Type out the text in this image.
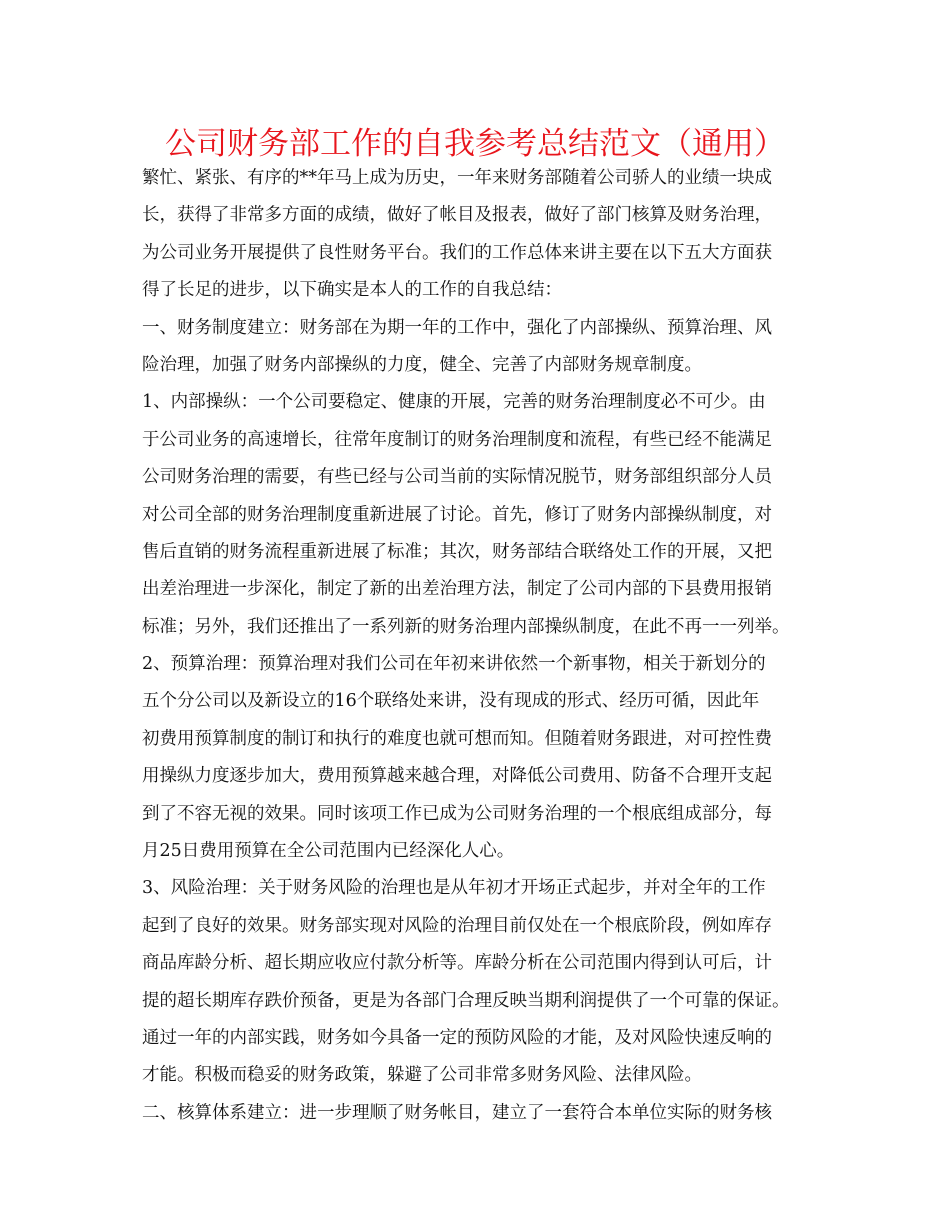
公司财务部工作的自我参考总结范文（通用）
繁忙、紧张、有序的**年马上成为历史，一年来财务部随着公司骄人的业绩一块成
长，获得了非常多方面的成绩，做好了帐目及报表，做好了部门核算及财务治理，
为公司业务开展提供了良性财务平台。我们的工作总体来讲主要在以下五大方面获
得了长足的进步，以下确实是本人的工作的自我总结：
一、财务制度建立：财务部在为期一年的工作中，强化了内部操纵、预算治理、风
险治理，加强了财务内部操纵的力度，健全、完善了内部财务规章制度。
1、内部操纵：一个公司要稳定、健康的开展，完善的财务治理制度必不可少。由
于公司业务的高速增长，往常年度制订的财务治理制度和流程，有些已经不能满足
公司财务治理的需要，有些已经与公司当前的实际情况脱节，财务部组织部分人员
对公司全部的财务治理制度重新进展了讨论。首先，修订了财务内部操纵制度，对
售后直销的财务流程重新进展了标准；其次，财务部结合联络处工作的开展，又把
出差治理进一步深化，制定了新的出差治理方法，制定了公司内部的下县费用报销
标准；另外，我们还推出了一系列新的财务治理内部操纵制度，在此不再一一列举。
2、预算治理：预算治理对我们公司在年初来讲依然一个新事物，相关于新划分的
五个分公司以及新设立的16个联络处来讲，没有现成的形式、经历可循，因此年
初费用预算制度的制订和执行的难度也就可想而知。但随着财务跟进，对可控性费
用操纵力度逐步加大，费用预算越来越合理，对降低公司费用、防备不合理开支起
到了不容无视的效果。同时该项工作已成为公司财务治理的一个根底组成部分，每
月25日费用预算在全公司范围内已经深化人心。
3、风险治理：关于财务风险的治理也是从年初才开场正式起步，并对全年的工作
起到了良好的效果。财务部实现对风险的治理目前仅处在一个根底阶段，例如库存
商品库龄分析、超长期应收应付款分析等。库龄分析在公司范围内得到认可后，计
提的超长期库存跌价预备，更是为各部门合理反映当期利润提供了一个可靠的保证。
通过一年的内部实践，财务如今具备一定的预防风险的才能，及对风险快速反响的
才能。积极而稳妥的财务政策，躲避了公司非常多财务风险、法律风险。
二、核算体系建立：进一步理顺了财务帐目，建立了一套符合本单位实际的财务核
